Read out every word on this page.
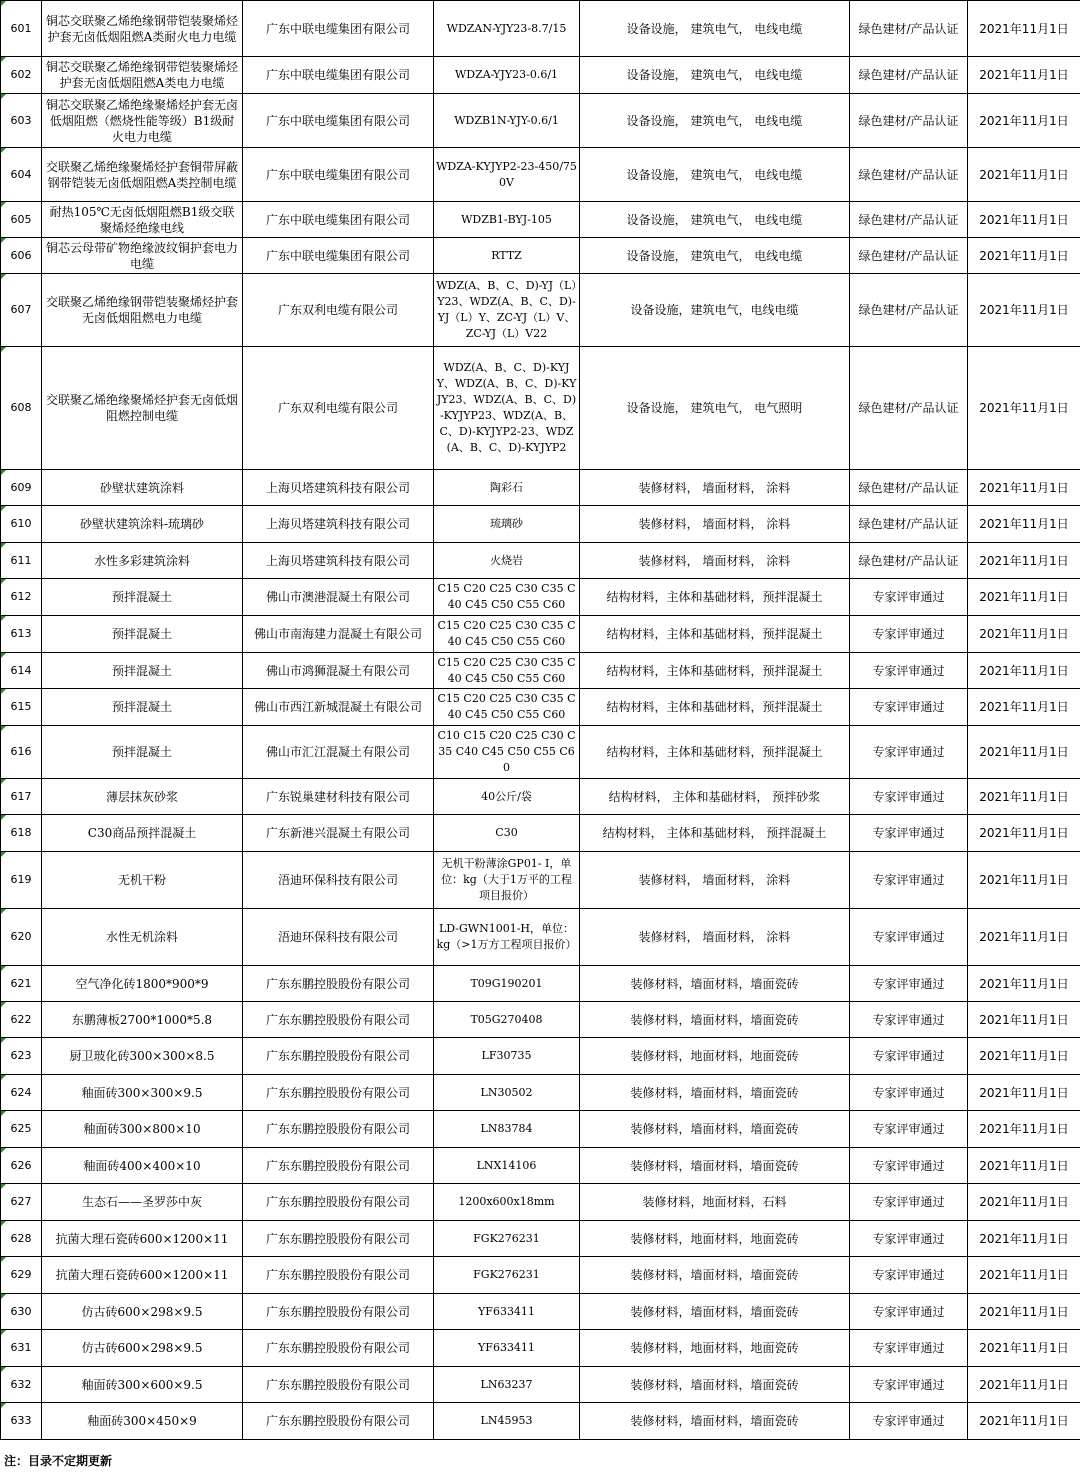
601	铜芯交联聚乙烯绝缘钢带铠装聚烯烃护套无卤低烟阻燃A类耐火电力电缆	广东中联电缆集团有限公司	WDZAN-YJY23-8.7/15	设备设施， 建筑电气， 电线电缆	绿色建材/产品认证	2021年11月1日
602	铜芯交联聚乙烯绝缘钢带铠装聚烯烃护套无卤低烟阻燃A类电力电缆	广东中联电缆集团有限公司	WDZA-YJY23-0.6/1	设备设施， 建筑电气， 电线电缆	绿色建材/产品认证	2021年11月1日
603	铜芯交联聚乙烯绝缘聚烯烃护套无卤低烟阻燃（燃烧性能等级）B1级耐火电力电缆	广东中联电缆集团有限公司	WDZB1N-YJY-0.6/1	设备设施， 建筑电气， 电线电缆	绿色建材/产品认证	2021年11月1日
604	交联聚乙烯绝缘聚烯烃护套铜带屏蔽钢带铠装无卤低烟阻燃A类控制电缆	广东中联电缆集团有限公司	WDZA-KYJYP2-23-450/750V	设备设施， 建筑电气， 电线电缆	绿色建材/产品认证	2021年11月1日
605	耐热105℃无卤低烟阻燃B1级交联聚烯烃绝缘电线	广东中联电缆集团有限公司	WDZB1-BYJ-105	设备设施， 建筑电气， 电线电缆	绿色建材/产品认证	2021年11月1日
606	铜芯云母带矿物绝缘波纹铜护套电力电缆	广东中联电缆集团有限公司	RTTZ	设备设施， 建筑电气， 电线电缆	绿色建材/产品认证	2021年11月1日
607	交联聚乙烯绝缘钢带铠装聚烯烃护套无卤低烟阻燃电力电缆	广东双利电缆有限公司	WDZ(A、B、C、D)-YJ（L）Y23、WDZ(A、B、C、D)-YJ（L）Y、ZC-YJ（L）V、ZC-YJ（L）V22	设备设施，建筑电气，电线电缆	绿色建材/产品认证	2021年11月1日
608	交联聚乙烯绝缘聚烯烃护套无卤低烟阻燃控制电缆	广东双利电缆有限公司	WDZ(A、B、C、D)-KYJY、WDZ(A、B、C、D)-KYJY23、WDZ(A、B、C、D)-KYJYP23、WDZ(A、B、C、D)-KYJYP2-23、WDZ(A、B、C、D)-KYJYP2	设备设施， 建筑电气， 电气照明	绿色建材/产品认证	2021年11月1日
609	砂壁状建筑涂料	上海贝塔建筑科技有限公司	陶彩石	装修材料， 墙面材料， 涂料	绿色建材/产品认证	2021年11月1日
610	砂壁状建筑涂料-琉璃砂	上海贝塔建筑科技有限公司	琉璃砂	装修材料， 墙面材料， 涂料	绿色建材/产品认证	2021年11月1日
611	水性多彩建筑涂料	上海贝塔建筑科技有限公司	火烧岩	装修材料， 墙面材料， 涂料	绿色建材/产品认证	2021年11月1日
612	预拌混凝土	佛山市澳港混凝土有限公司	C15 C20 C25 C30 C35 C40 C45 C50 C55 C60	结构材料，主体和基础材料，预拌混凝土	专家评审通过	2021年11月1日
613	预拌混凝土	佛山市南海建力混凝土有限公司	C15 C20 C25 C30 C35 C40 C45 C50 C55 C60	结构材料，主体和基础材料，预拌混凝土	专家评审通过	2021年11月1日
614	预拌混凝土	佛山市鸿狮混凝土有限公司	C15 C20 C25 C30 C35 C40 C45 C50 C55 C60	结构材料，主体和基础材料，预拌混凝土	专家评审通过	2021年11月1日
615	预拌混凝土	佛山市西江新城混凝土有限公司	C15 C20 C25 C30 C35 C40 C45 C50 C55 C60	结构材料，主体和基础材料，预拌混凝土	专家评审通过	2021年11月1日
616	预拌混凝土	佛山市汇江混凝土有限公司	C10 C15 C20 C25 C30 C35 C40 C45 C50 C55 C60	结构材料，主体和基础材料，预拌混凝土	专家评审通过	2021年11月1日
617	薄层抹灰砂浆	广东锐巢建材科技有限公司	40公斤/袋	结构材料， 主体和基础材料， 预拌砂浆	专家评审通过	2021年11月1日
618	C30商品预拌混凝土	广东新港兴混凝土有限公司	C30	结构材料， 主体和基础材料， 预拌混凝土	专家评审通过	2021年11月1日
619	无机干粉	浯迪环保科技有限公司	无机干粉薄涂GP01- I，单位：kg（大于1万平的工程项目报价）	装修材料， 墙面材料， 涂料	专家评审通过	2021年11月1日
620	水性无机涂料	浯迪环保科技有限公司	LD-GWN1001-H，单位：kg（>1万方工程项目报价）	装修材料， 墙面材料， 涂料	专家评审通过	2021年11月1日
621	空气净化砖1800*900*9	广东东鹏控股股份有限公司	T09G190201	装修材料，墙面材料，墙面瓷砖	专家评审通过	2021年11月1日
622	东鹏薄板2700*1000*5.8	广东东鹏控股股份有限公司	T05G270408	装修材料，墙面材料，墙面瓷砖	专家评审通过	2021年11月1日
623	厨卫玻化砖300×300×8.5	广东东鹏控股股份有限公司	LF30735	装修材料，地面材料，地面瓷砖	专家评审通过	2021年11月1日
624	釉面砖300×300×9.5	广东东鹏控股股份有限公司	LN30502	装修材料，墙面材料，墙面瓷砖	专家评审通过	2021年11月1日
625	釉面砖300×800×10	广东东鹏控股股份有限公司	LN83784	装修材料，墙面材料，墙面瓷砖	专家评审通过	2021年11月1日
626	釉面砖400×400×10	广东东鹏控股股份有限公司	LNX14106	装修材料，墙面材料，墙面瓷砖	专家评审通过	2021年11月1日
627	生态石——圣罗莎中灰	广东东鹏控股股份有限公司	1200x600x18mm	装修材料，地面材料，石料	专家评审通过	2021年11月1日
628	抗菌大理石瓷砖600×1200×11	广东东鹏控股股份有限公司	FGK276231	装修材料，地面材料，地面瓷砖	专家评审通过	2021年11月1日
629	抗菌大理石瓷砖600×1200×11	广东东鹏控股股份有限公司	FGK276231	装修材料，墙面材料，墙面瓷砖	专家评审通过	2021年11月1日
630	仿古砖600×298×9.5	广东东鹏控股股份有限公司	YF633411	装修材料，墙面材料，墙面瓷砖	专家评审通过	2021年11月1日
631	仿古砖600×298×9.5	广东东鹏控股股份有限公司	YF633411	装修材料，地面材料，地面瓷砖	专家评审通过	2021年11月1日
632	釉面砖300×600×9.5	广东东鹏控股股份有限公司	LN63237	装修材料，墙面材料，墙面瓷砖	专家评审通过	2021年11月1日
633	釉面砖300×450×9	广东东鹏控股股份有限公司	LN45953	装修材料，墙面材料，墙面瓷砖	专家评审通过	2021年11月1日
注：目录不定期更新
